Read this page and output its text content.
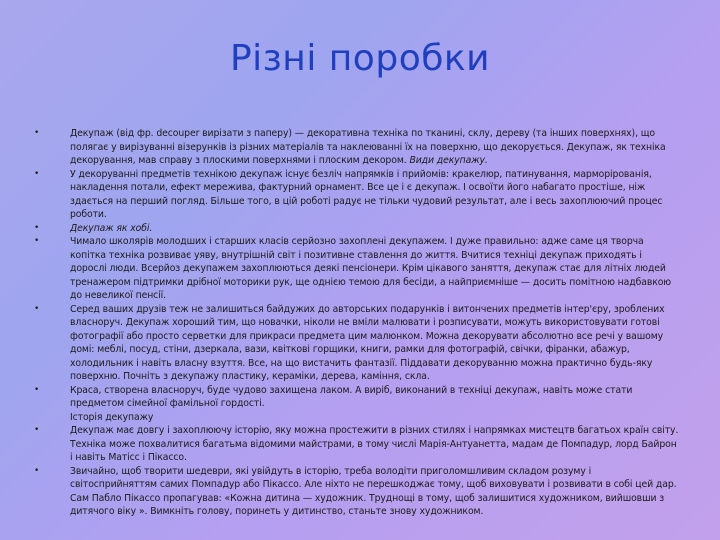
Різні поробки
•	Декупаж (від фр. decouper вирізати з паперу) — декоративна техніка по тканині, склу, дереву (та інших поверхнях), що полягає у вирізуванні візерунків із різних матеріалів та наклеюванні їх на поверхню, що декорується. Декупаж, як техніка декорування, мав справу з плоскими поверхнями і плоским декором. Види декупажу.
•	У декоруванні предметів технікою декупаж існує безліч напрямків і прийомів: кракелюр, патинування, марморірованія, накладення потали, ефект мережива, фактурний орнамент. Все це і є декупаж. І освоїти його набагато простіше, ніж здається на перший погляд. Більше того, в цій роботі радує не тільки чудовий результат, але і весь захоплюючий процес роботи.
•	Декупаж як хобі.
•	Чимало школярів молодших і старших класів серйозно захоплені декупажем. І дуже правильно: адже саме ця творча копітка техніка розвиває уяву, внутрішній світ і позитивне ставлення до життя. Вчитися техніці декупаж приходять і дорослі люди. Всерйоз декупажем захоплюються деякі пенсіонери. Крім цікавого заняття, декупаж стає для літніх людей тренажером підтримки дрібної моторики рук, ще однією темою для бесіди, а найприємніше — досить помітною надбавкою до невеликої пенсії.
•	Серед ваших друзів теж не залишиться байдужих до авторських подарунків і витончених предметів інтер'єру, зроблених власноруч. Декупаж хороший тим, що новачки, ніколи не вміли малювати і розписувати, можуть використовувати готові фотографії або просто серветки для прикраси предмета цим малюнком. Можна декорувати абсолютно все речі у вашому домі: меблі, посуд, стіни, дзеркала, вази, квіткові горщики, книги, рамки для фотографій, свічки, фіранки, абажур, холодильник і навіть власну взуття. Все, на що вистачить фантазії. Піддавати декоруванню можна практично будь-яку поверхню. Почніть з декупажу пластику, кераміки, дерева, каміння, скла.
•	Краса, створена власноруч, буде чудово захищена лаком. А виріб, виконаний в техніці декупаж, навіть може стати предметом сімейної фамільної гордості.
Історія декупажу
•	Декупаж має довгу і захоплюючу історію, яку можна простежити в різних стилях і напрямках мистецтв багатьох країн світу. Техніка може похвалитися багатьма відомими майстрами, в тому числі Марія-Антуанетта, мадам де Помпадур, лорд Байрон і навіть Матісс і Пікассо.
•	Звичайно, щоб творити шедеври, які увійдуть в історію, треба володіти приголомшливим складом розуму і світосприйняттям самих Помпадур або Пікассо. Але ніхто не перешкоджає тому, щоб виховувати і розвивати в собі цей дар. Сам Пабло Пікассо пропагував: «Кожна дитина — художник. Труднощі в тому, щоб залишитися художником, вийшовши з дитячого віку ». Вимкніть голову, поринеть у дитинство, станьте знову художником.
